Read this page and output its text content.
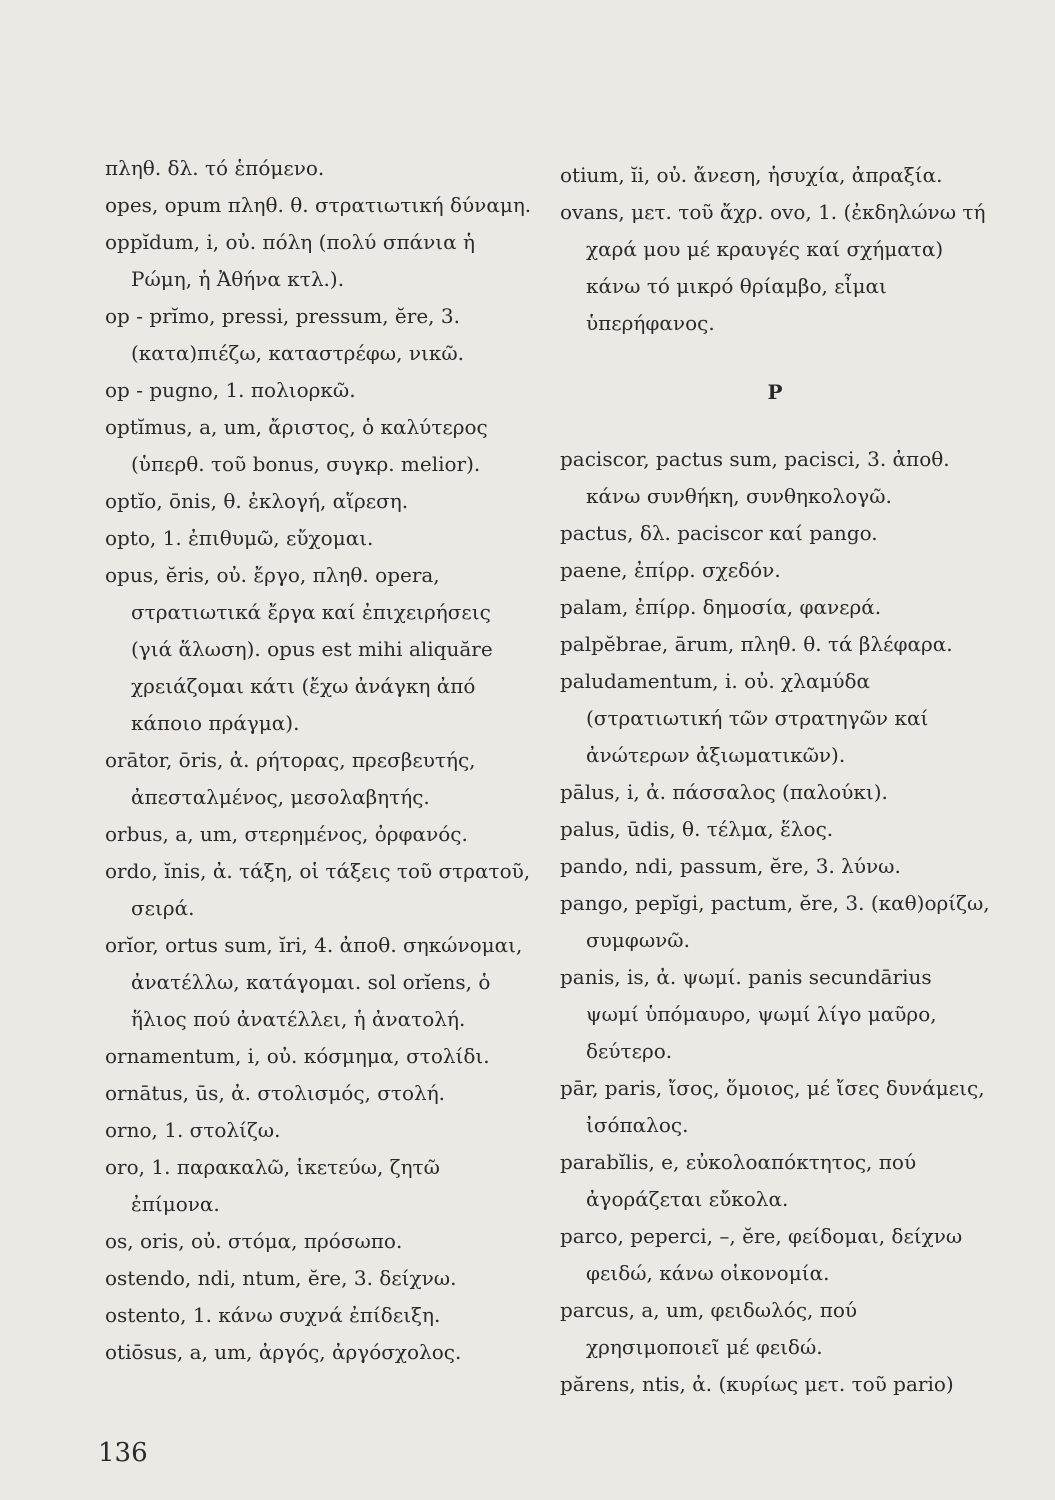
πληθ. δλ. τό ἑπόμενο.

opes, opum πληθ. θ. στρατιωτική δύναμη.

oppĭdum, i, οὐ. πόλη (πολύ σπάνια ἡ Ρώμη, ἡ Ἀθήνα κτλ.).

op - prĭmo, pressi, pressum, ĕre, 3. (κατα)πιέζω, καταστρέφω, νικῶ.

op - pugno, 1. πολιορκῶ.

optĭmus, a, um, ἄριστος, ὁ καλύτερος (ὑπερθ. τοῦ bonus, συγκρ. melior).

optĭo, ōnis, θ. ἐκλογή, αἵρεση.

opto, 1. ἐπιθυμῶ, εὔχομαι.

opus, ĕris, οὐ. ἔργο, πληθ. opera, στρατιωτικά ἔργα καί ἐπιχειρήσεις (γιά ἅλωση). opus est mihi aliquăre χρειάζομαι κάτι (ἔχω ἀνάγκη ἀπό κάποιο πράγμα).

orātor, ōris, ἀ. ρήτορας, πρεσβευτής, ἀπεσταλμένος, μεσολαβητής.

orbus, a, um, στερημένος, ὀρφανός.

ordo, ĭnis, ἀ. τάξη, οἱ τάξεις τοῦ στρατοῦ, σειρά.

orĭor, ortus sum, ĭri, 4. ἀποθ. σηκώνομαι, ἀνατέλλω, κατάγομαι. sol orĭens, ὁ ἥλιος πού ἀνατέλλει, ἡ ἀνατολή.

ornamentum, i, οὐ. κόσμημα, στολίδι.

ornātus, ūs, ἀ. στολισμός, στολή.

orno, 1. στολίζω.

oro, 1. παρακαλῶ, ἱκετεύω, ζητῶ ἐπίμονα.

os, oris, οὐ. στόμα, πρόσωπο.

ostendo, ndi, ntum, ĕre, 3. δείχνω.

ostento, 1. κάνω συχνά ἐπίδειξη.

otiōsus, a, um, ἀργός, ἀργόσχολος.

otium, ĭi, οὐ. ἄνεση, ἡσυχία, ἀπραξία.

ovans, μετ. τοῦ ἄχρ. ovo, 1. (ἐκδηλώνω τή χαρά μου μέ κραυγές καί σχήματα) κάνω τό μικρό θρίαμβο, εἶμαι ὑπερήφανος.

P

paciscor, pactus sum, pacisci, 3. ἀποθ. κάνω συνθήκη, συνθηκολογῶ.

pactus, δλ. paciscor καί pango.

paene, ἐπίρρ. σχεδόν.

palam, ἐπίρρ. δημοσία, φανερά.

palpĕbrae, ārum, πληθ. θ. τά βλέφαρα.

paludamentum, i. οὐ. χλαμύδα (στρατιωτική τῶν στρατηγῶν καί ἀνώτερων ἀξιωματικῶν).

pālus, i, ἀ. πάσσαλος (παλούκι).

palus, ūdis, θ. τέλμα, ἕλος.

pando, ndi, passum, ĕre, 3. λύνω.

pango, pepĭgi, pactum, ĕre, 3. (καθ)ορίζω, συμφωνῶ.

panis, is, ἀ. ψωμί. panis secundārius ψωμί ὑπόμαυρο, ψωμί λίγο μαῦρο, δεύτερο.

pār, paris, ἴσος, ὅμοιος, μέ ἴσες δυνάμεις, ἰσόπαλος.

parabĭlis, e, εὐκολοαπόκτητος, πού ἀγοράζεται εὔκολα.

parco, peperci, –, ĕre, φείδομαι, δείχνω φειδώ, κάνω οἰκονομία.

parcus, a, um, φειδωλός, πού χρησιμοποιεῖ μέ φειδώ.

părens, ntis, ἀ. (κυρίως μετ. τοῦ pario)

136
